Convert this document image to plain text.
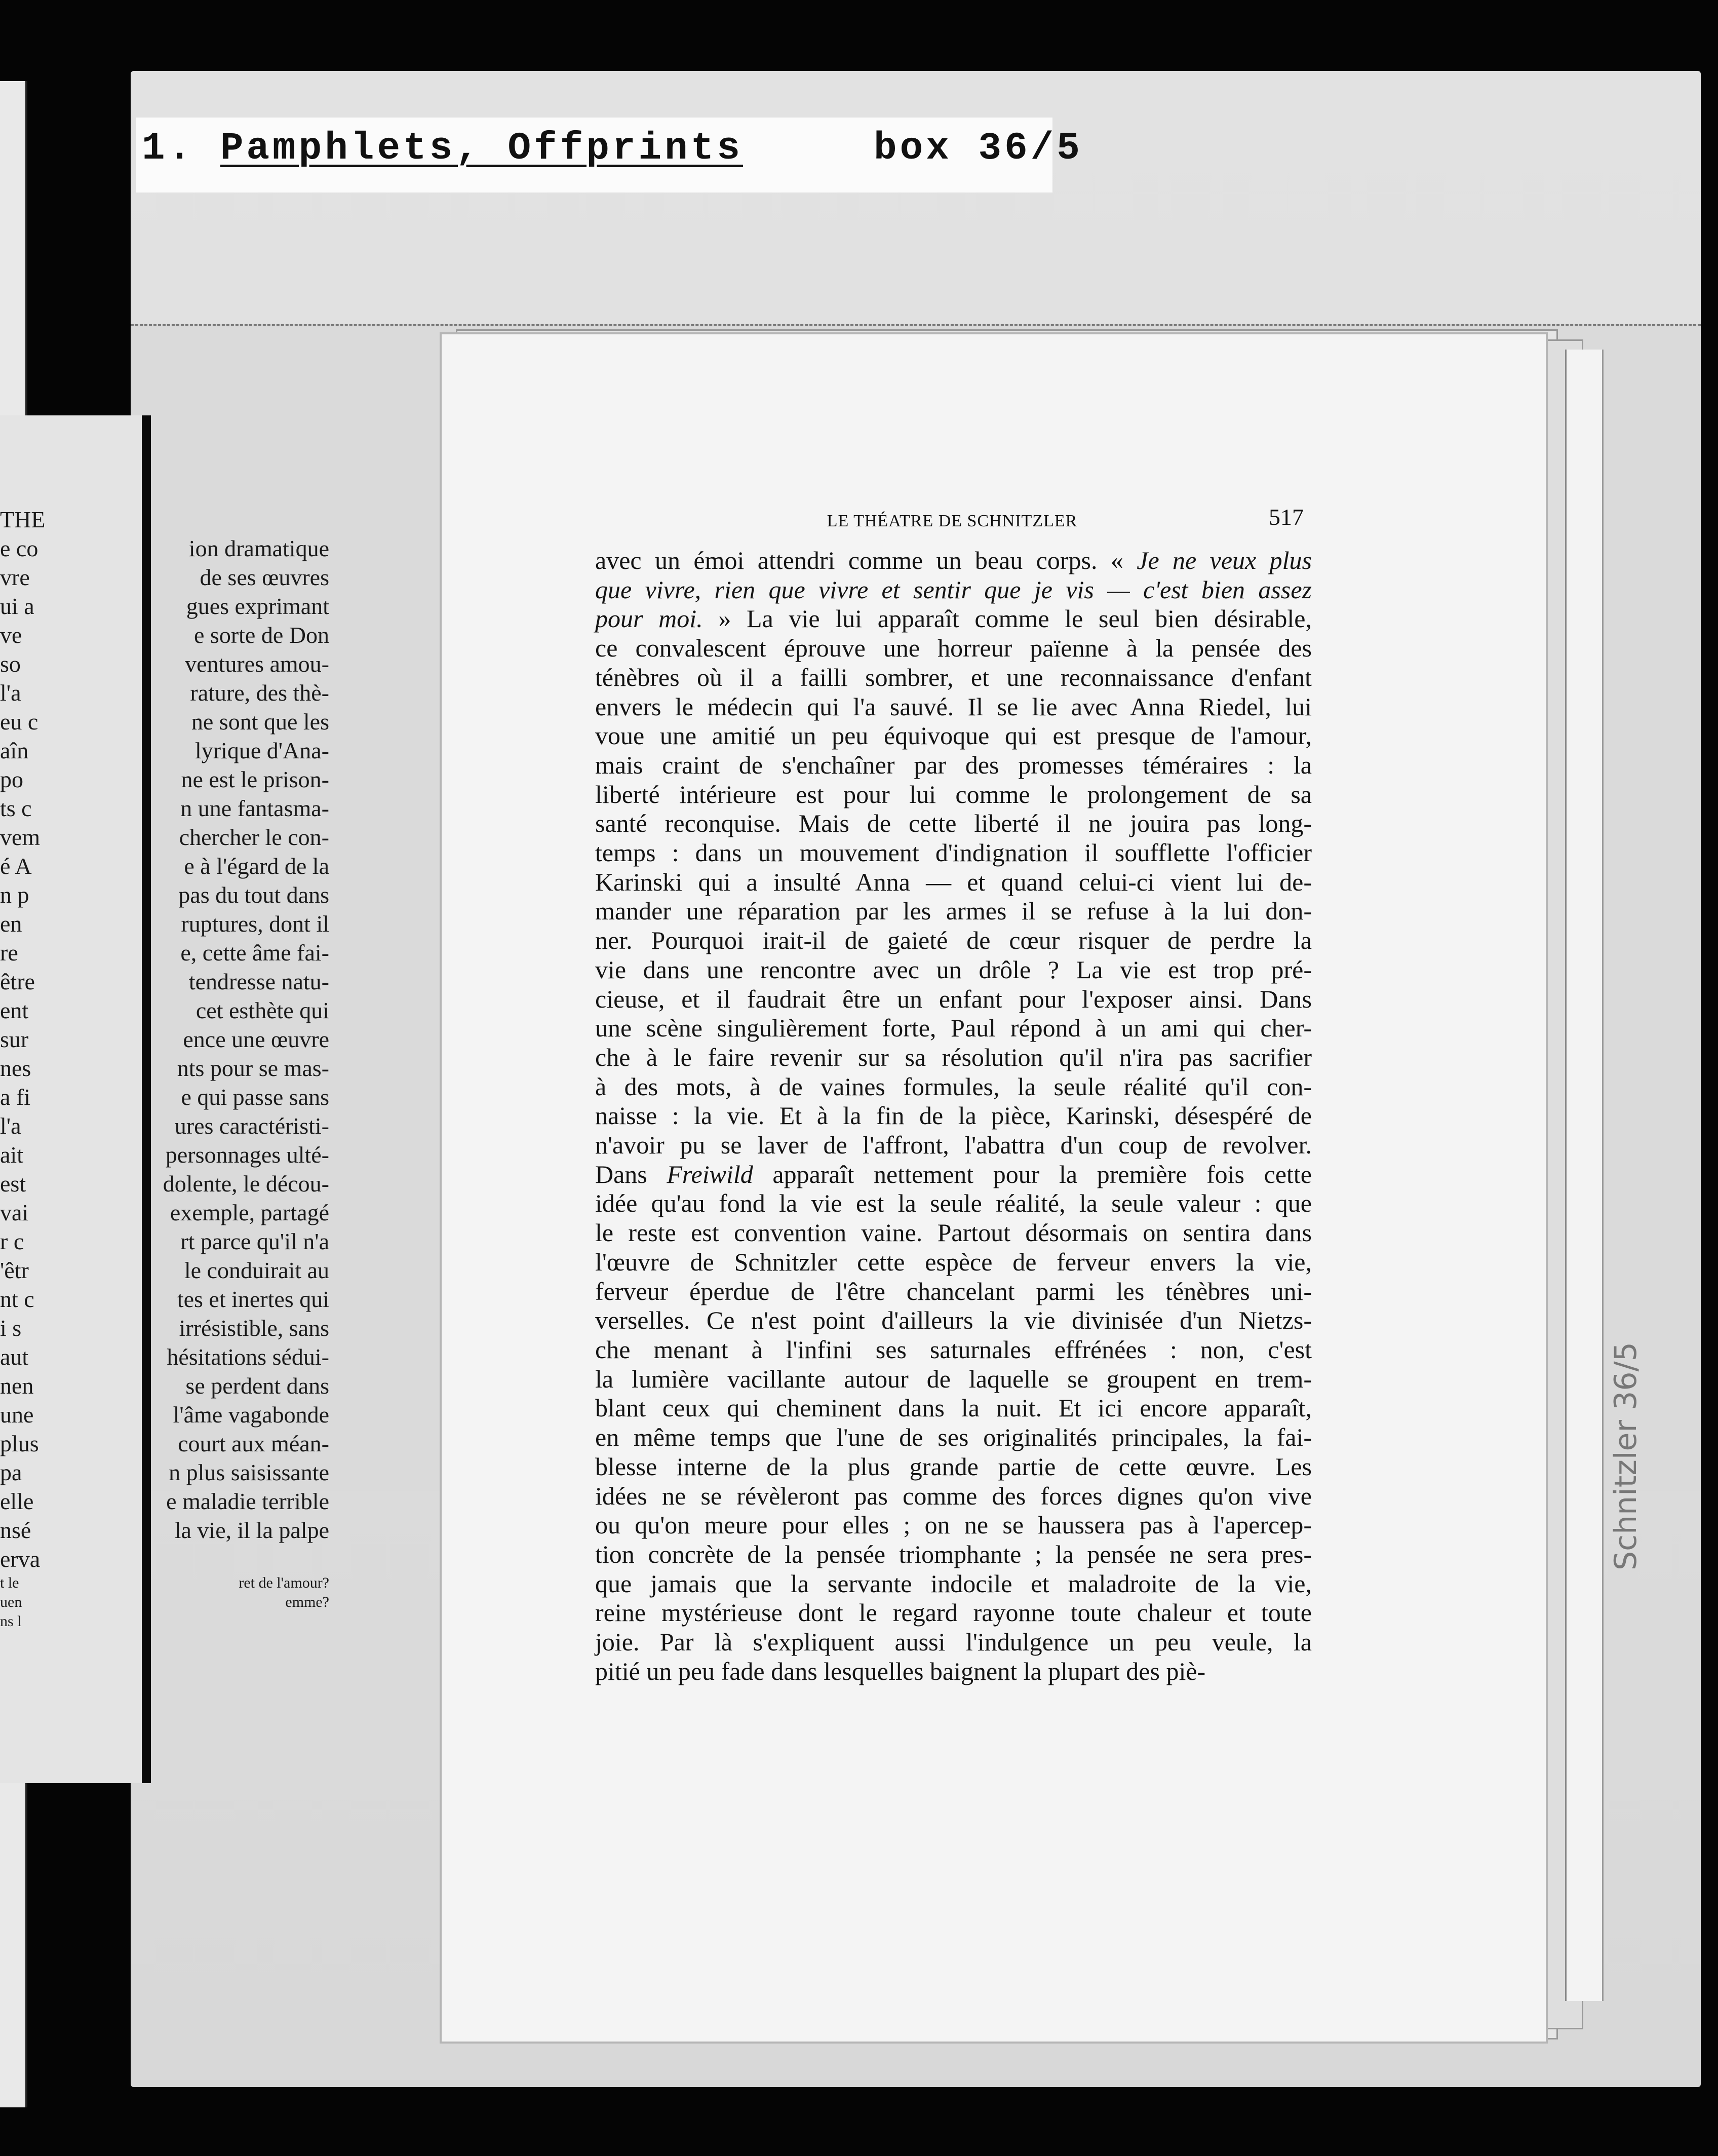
1. Pamphlets, Offprints	box 36/5
THE
e co	ion dramatique
vre	de ses œuvres
ui a	gues exprimant
ve	e sorte de Don
so	ventures amou-
l'a	rature, des thè-
eu c	ne sont que les
aîn	lyrique d'Ana-
po	ne est le prison-
ts c	n une fantasma-
vem	chercher le con-
é A	e à l'égard de la
n p	pas du tout dans
en	ruptures, dont il
re	e, cette âme fai-
être	tendresse natu-
ent	cet esthète qui
sur	ence une œuvre
nes	nts pour se mas-
a fi	e qui passe sans
l'a	ures caractéristi-
ait	personnages ulté-
est	dolente, le décou-
vai	exemple, partagé
r c	rt parce qu'il n'a
'êtr	le conduirait au
nt c	tes et inertes qui
i s	irrésistible, sans
aut	hésitations sédui-
nen	se perdent dans
une	l'âme vagabonde
plus	court aux méan-
pa	n plus saisissante
elle	e maladie terrible
nsé	la vie, il la palpe
erva
t le	ret de l'amour?
uen	emme?
ns l
LE THÉATRE DE SCHNITZLER	517
avec un émoi attendri comme un beau corps. « Je ne veux plus
que vivre, rien que vivre et sentir que je vis — c'est bien assez
pour moi. » La vie lui apparaît comme le seul bien désirable,
ce convalescent éprouve une horreur païenne à la pensée des
ténèbres où il a failli sombrer, et une reconnaissance d'enfant
envers le médecin qui l'a sauvé. Il se lie avec Anna Riedel, lui
voue une amitié un peu équivoque qui est presque de l'amour,
mais craint de s'enchaîner par des promesses téméraires : la
liberté intérieure est pour lui comme le prolongement de sa
santé reconquise. Mais de cette liberté il ne jouira pas long-
temps : dans un mouvement d'indignation il soufflette l'officier
Karinski qui a insulté Anna — et quand celui-ci vient lui de-
mander une réparation par les armes il se refuse à la lui don-
ner. Pourquoi irait-il de gaieté de cœur risquer de perdre la
vie dans une rencontre avec un drôle ? La vie est trop pré-
cieuse, et il faudrait être un enfant pour l'exposer ainsi. Dans
une scène singulièrement forte, Paul répond à un ami qui cher-
che à le faire revenir sur sa résolution qu'il n'ira pas sacrifier
à des mots, à de vaines formules, la seule réalité qu'il con-
naisse : la vie. Et à la fin de la pièce, Karinski, désespéré de
n'avoir pu se laver de l'affront, l'abattra d'un coup de revolver.
Dans Freiwild apparaît nettement pour la première fois cette
idée qu'au fond la vie est la seule réalité, la seule valeur : que
le reste est convention vaine. Partout désormais on sentira dans
l'œuvre de Schnitzler cette espèce de ferveur envers la vie,
ferveur éperdue de l'être chancelant parmi les ténèbres uni-
verselles. Ce n'est point d'ailleurs la vie divinisée d'un Nietzs-
che menant à l'infini ses saturnales effrénées : non, c'est
la lumière vacillante autour de laquelle se groupent en trem-
blant ceux qui cheminent dans la nuit. Et ici encore apparaît,
en même temps que l'une de ses originalités principales, la fai-
blesse interne de la plus grande partie de cette œuvre. Les
idées ne se révèleront pas comme des forces dignes qu'on vive
ou qu'on meure pour elles ; on ne se haussera pas à l'apercep-
tion concrète de la pensée triomphante ; la pensée ne sera pres-
que jamais que la servante indocile et maladroite de la vie,
reine mystérieuse dont le regard rayonne toute chaleur et toute
joie. Par là s'expliquent aussi l'indulgence un peu veule, la
pitié un peu fade dans lesquelles baignent la plupart des piè-
Schnitzler 36/5
